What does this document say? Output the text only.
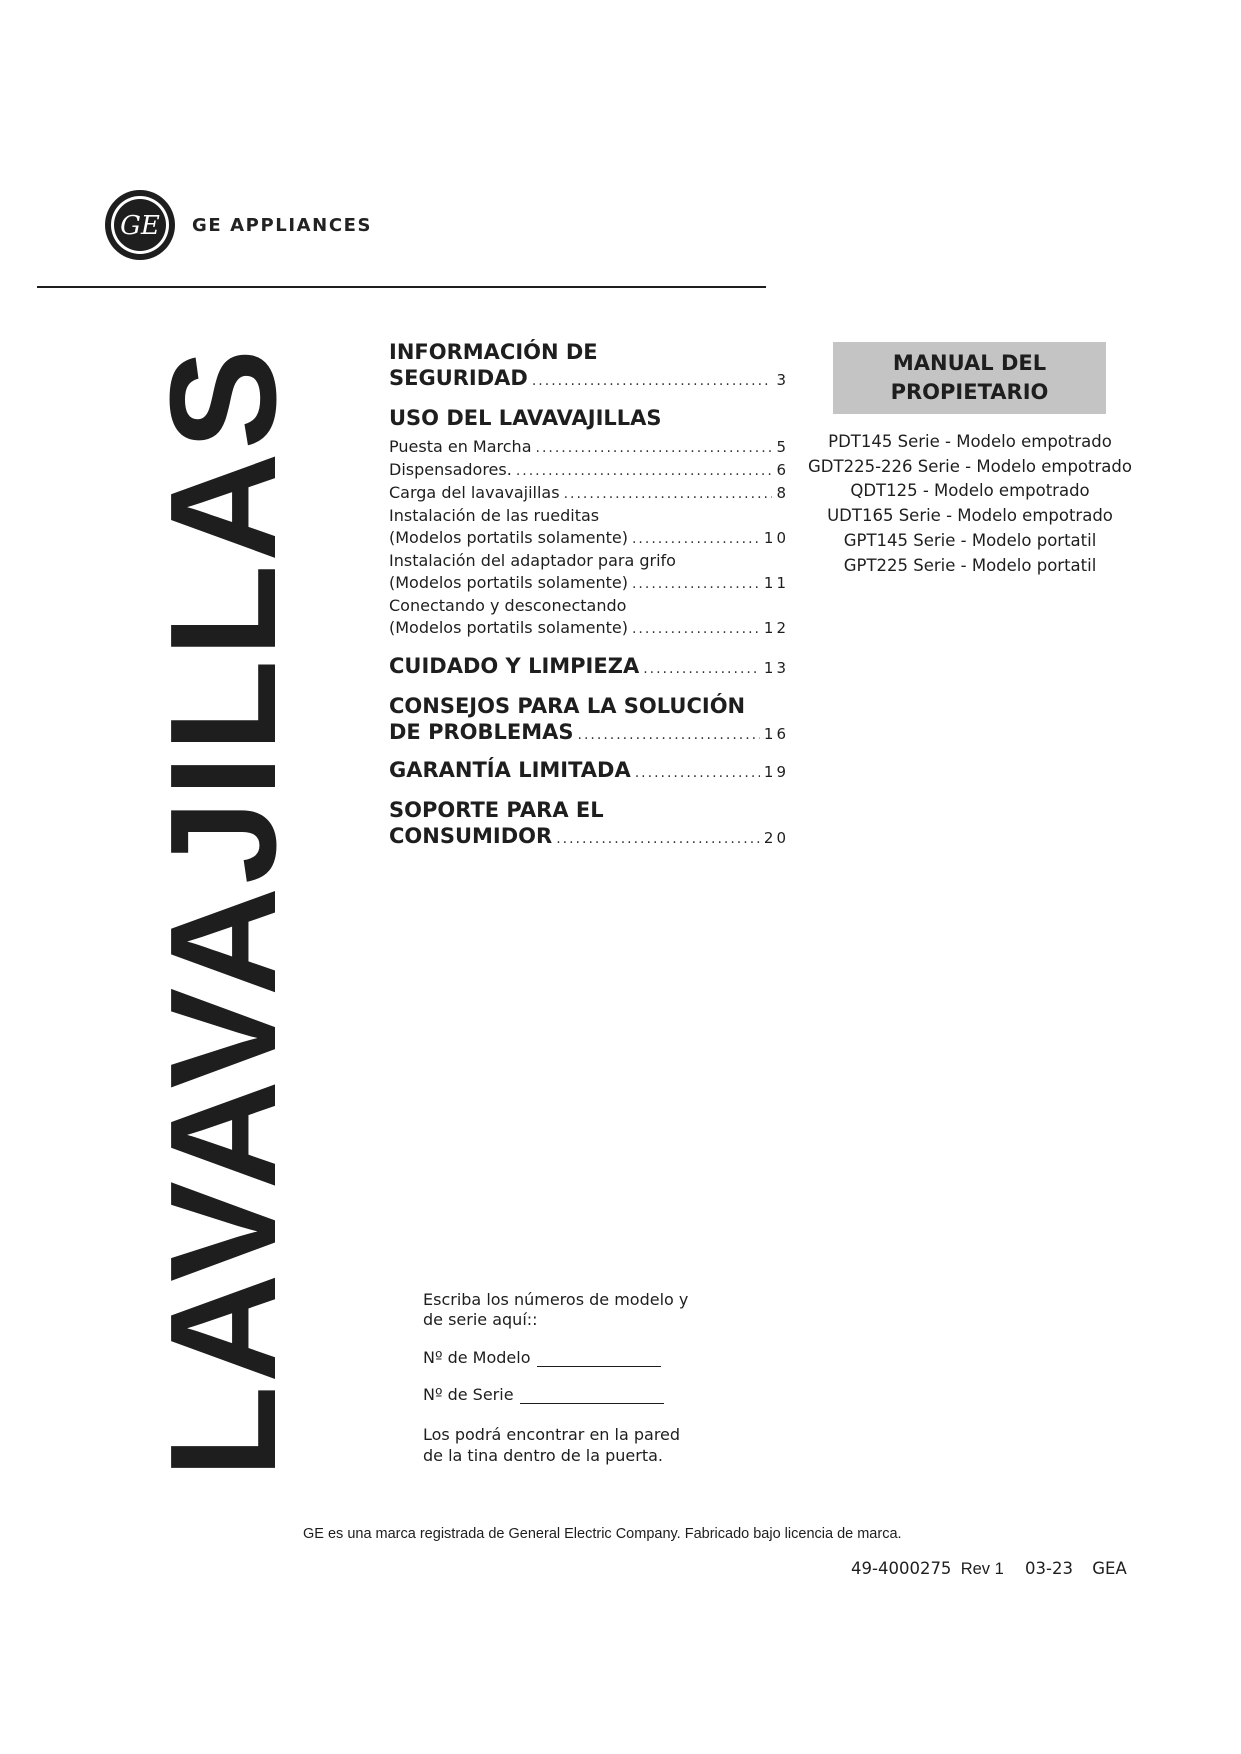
GE GE APPLIANCES
LAVAVAJILLAS	INFORMACIÓN DE
SEGURIDAD .....	3
USO DEL LAVAVAJILLAS
Puesta en Marcha .....	5
Dispensadores. .....	6
Carga del lavavajillas .....	8
Instalación de las rueditas
(Modelos portatils solamente) .....	10
Instalación del adaptador para grifo
(Modelos portatils solamente) .....	11
Conectando y desconectando
(Modelos portatils solamente) .....	12
CUIDADO Y LIMPIEZA .....	13
CONSEJOS PARA LA SOLUCIÓN
DE PROBLEMAS .....	16
GARANTÍA LIMITADA .....	19
SOPORTE PARA EL
CONSUMIDOR .....	20
MANUAL DEL
PROPIETARIO
PDT145 Serie - Modelo empotrado
GDT225-226 Serie - Modelo empotrado
QDT125 - Modelo empotrado
UDT165 Serie - Modelo empotrado
GPT145 Serie - Modelo portatil
GPT225 Serie - Modelo portatil
Escriba los números de modelo y
de serie aquí::
Nº de Modelo
Nº de Serie
Los podrá encontrar en la pared
de la tina dentro de la puerta.
GE es una marca registrada de General Electric Company. Fabricado bajo licencia de marca.
49-4000275 Rev 1 03-23 GEA
